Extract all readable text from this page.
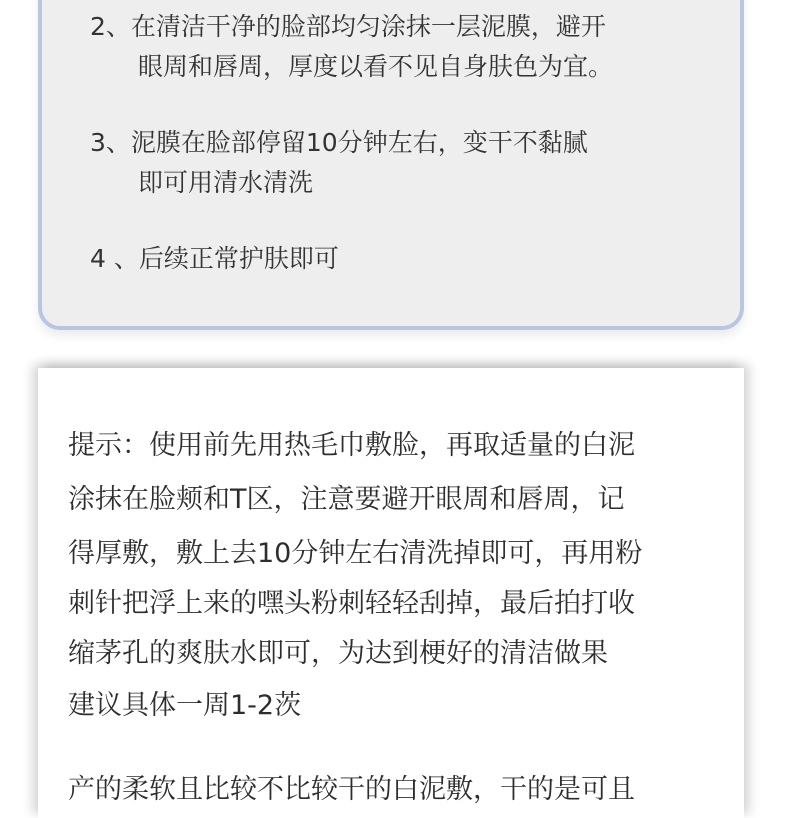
2、在清洁干净的脸部均匀涂抹一层泥膜，避开
眼周和唇周，厚度以看不见自身肤色为宜。
3、泥膜在脸部停留10分钟左右，变干不黏腻
即可用清水清洗
4 、后续正常护肤即可
提示：使用前先用热毛巾敷脸，再取适量的白泥
涂抹在脸颊和T区，注意要避开眼周和唇周，记
得厚敷，敷上去10分钟左右清洗掉即可，再用粉
刺针把浮上来的嘿头粉刺轻轻刮掉，最后拍打收
缩茅孔的爽肤水即可，为达到梗好的清洁做果
建议具体一周1-2茨
产的柔软且比较不比较干的白泥敷，干的是可且
